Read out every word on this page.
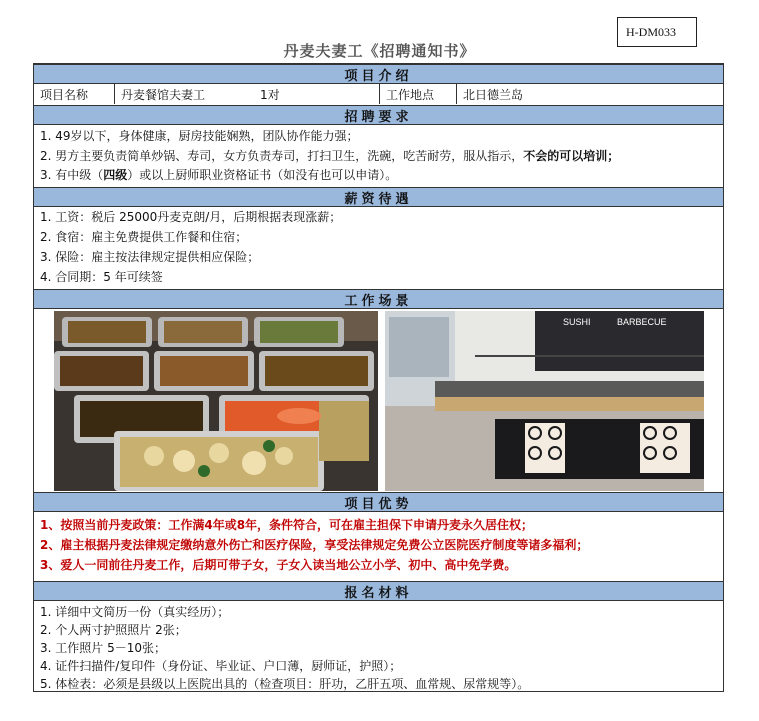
H-DM033
丹麦夫妻工《招聘通知书》
项目介绍
项目名称	丹麦餐馆夫妻工	1对	工作地点	北日德兰岛
招聘要求
1. 49岁以下，身体健康，厨房技能娴熟，团队协作能力强；
2. 男方主要负责简单炒锅、寿司，女方负责寿司，打扫卫生，洗碗，吃苦耐劳，服从指示，不会的可以培训；
3. 有中级（四级）或以上厨师职业资格证书（如没有也可以申请）。
薪资待遇
1. 工资：税后 25000丹麦克朗/月，后期根据表现涨薪；
2. 食宿：雇主免费提供工作餐和住宿；
3. 保险：雇主按法律规定提供相应保险；
4. 合同期：5 年可续签
工作场景
SUSHI	BARBECUE
项目优势
1、按照当前丹麦政策：工作满4年或8年，条件符合，可在雇主担保下申请丹麦永久居住权；
2、雇主根据丹麦法律规定缴纳意外伤亡和医疗保险，享受法律规定免费公立医院医疗制度等诸多福利；
3、爱人一同前往丹麦工作，后期可带子女，子女入读当地公立小学、初中、高中免学费。
报名材料
1. 详细中文简历一份（真实经历）；
2. 个人两寸护照照片 2张；
3. 工作照片 5－10张；
4. 证件扫描件/复印件（身份证、毕业证、户口薄，厨师证，护照）；
5. 体检表：必须是县级以上医院出具的（检查项目：肝功，乙肝五项、血常规、尿常规等）。
